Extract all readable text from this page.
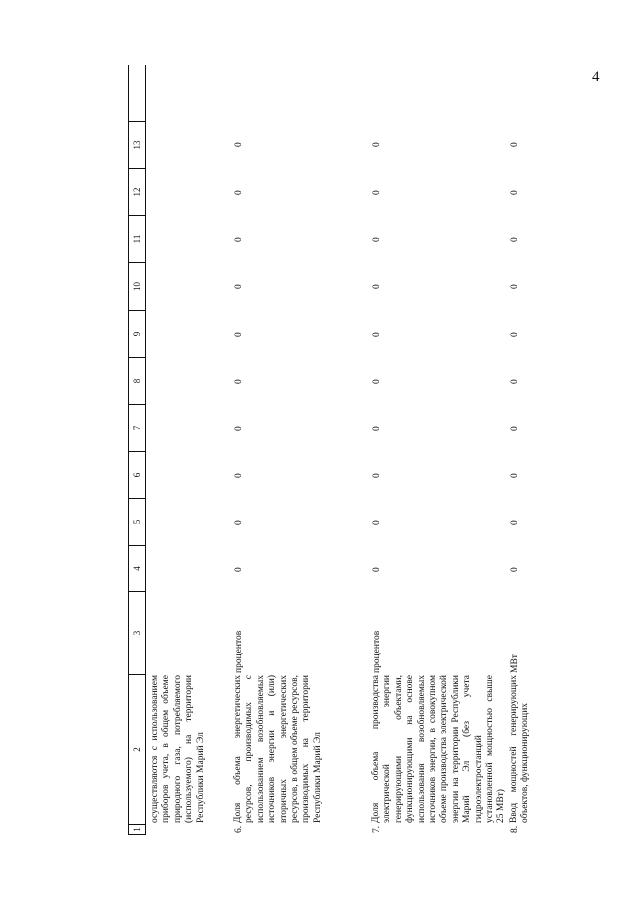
4
1
2
3
4
5
6
7
8
9
10
11
12
13
осуществляются с использованием приборов учета, в общем объеме природного газа, потребляемого (используемого) на территории Республики Марий Эл
6.
Доля объема энергетических ресурсов, производимых с использованием возобновляемых источников энергии и (или) вторичных энергетических ресурсов, в общем объеме ресурсов, производимых на территории Республики Марий Эл
процентов
0
0
0
0
0
0
0
0
0
0
7.
Доля объема производства электрической энергии генерирующими объектами, функционирующими на основе использования возобновляемых источников энергии, в совокупном объеме производства электрической энергии на территории Республики Марий Эл (без учета гидроэлектростанций установленной мощностью свыше 25 МВт)
процентов
0
0
0
0
0
0
0
0
0
0
8.
Ввод мощностей генерирующих объектов, функционирующих
МВт
0
0
0
0
0
0
0
0
0
0
